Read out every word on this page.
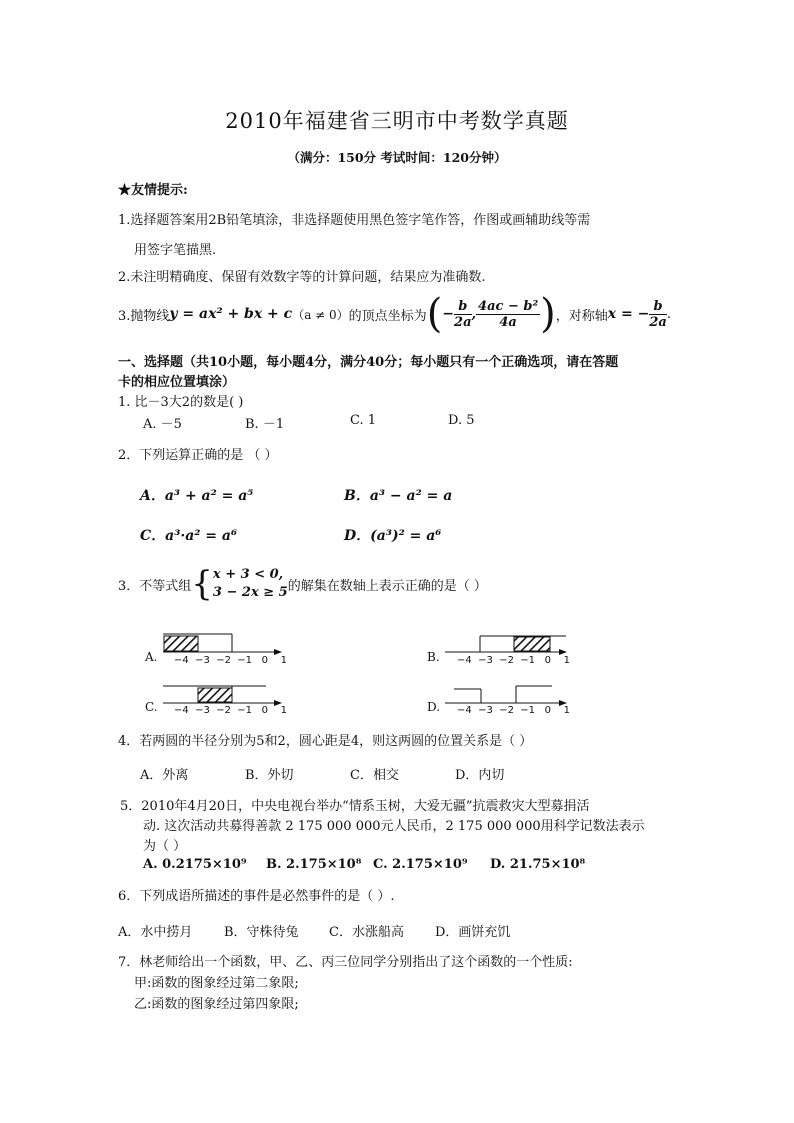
2010年福建省三明市中考数学真题
（满分：150分 考试时间：120分钟）
★友情提示:
1.选择题答案用2B铅笔填涂，非选择题使用黑色签字笔作答，作图或画辅助线等需
用签字笔描黑.
2.未注明精确度、保留有效数字等的计算问题，结果应为准确数.
3.抛物线 y = ax² + bx + c （a ≠ 0） 的顶点坐标为 ( − $\frac{b}{2a}$ , $\frac{\text{4ac − b²}}{4a}$ ) ，对称轴 x = − $\frac{b}{2a}$ .
一、选择题（共10小题，每小题4分，满分40分；每小题只有一个正确选项，请在答题
卡的相应位置填涂）
1. 比－3大2的数是( )
A. －5	B. －1	C. 1	D. 5
2．下列运算正确的是 （ ）
A．a³ + a² = a⁵	B．a³ − a² = a
C．a³·a² = a⁶	D．(a³)² = a⁶
3．不等式组 { x + 3 < 0,
3 − 2x ≥ 5 的解集在数轴上表示正确的是（ ）
A.	B.
C.	D.
−4  −3  −2  −1   0    1	−4  −3  −2  −1   0    1
−4  −3  −2  −1   0    1	−4  −3  −2  −1   0    1
4．若两圆的半径分别为5和2，圆心距是4，则这两圆的位置关系是（ ）
A．外离	B．外切	C．相交	D．内切
5．2010年4月20日，中央电视台举办“情系玉树，大爱无疆”抗震救灾大型募捐活
动. 这次活动共募得善款 2 175 000 000元人民币，2 175 000 000用科学记数法表示
为（ ）
A. 0.2175×10⁹ B. 2.175×10⁸ C. 2.175×10⁹ D. 21.75×10⁸
6．下列成语所描述的事件是必然事件的是（ ）.
A．水中捞月 B．守株待兔 C．水涨船高 D．画饼充饥
7．林老师给出一个函数，甲、乙、丙三位同学分别指出了这个函数的一个性质:
甲:函数的图象经过第二象限;
乙:函数的图象经过第四象限;
